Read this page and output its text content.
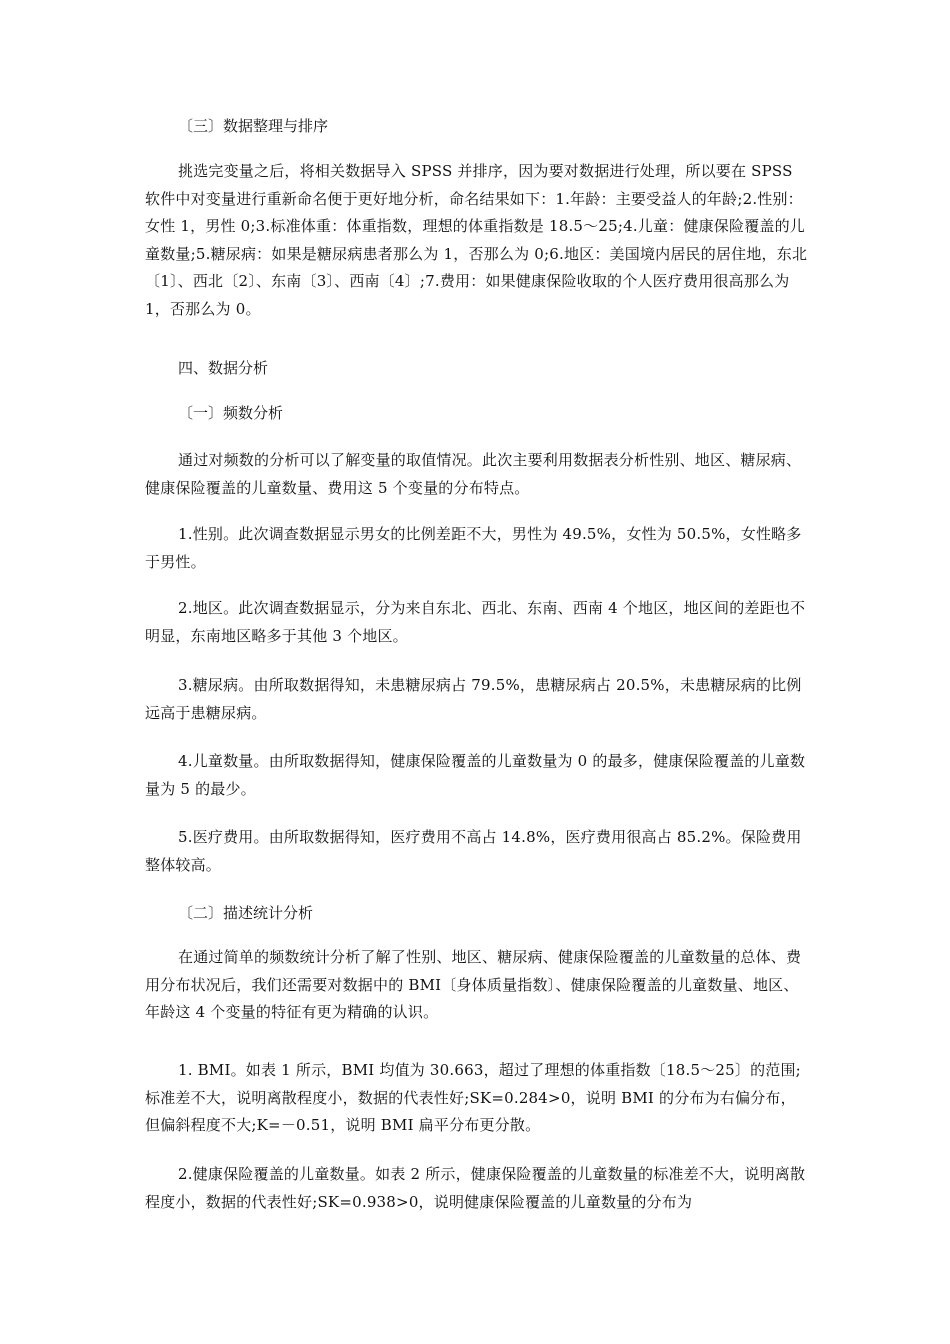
〔三〕数据整理与排序

挑选完变量之后，将相关数据导入 SPSS 并排序，因为要对数据进行处理，所以要在 SPSS 软件中对变量进行重新命名便于更好地分析，命名结果如下：1.年龄：主要受益人的年龄;2.性别：女性 1，男性 0;3.标准体重：体重指数，理想的体重指数是 18.5～25;4.儿童：健康保险覆盖的儿童数量;5.糖尿病：如果是糖尿病患者那么为 1，否那么为 0;6.地区：美国境内居民的居住地，东北〔1〕、西北〔2〕、东南〔3〕、西南〔4〕;7.费用：如果健康保险收取的个人医疗费用很高那么为 1，否那么为 0。

四、数据分析
〔一〕频数分析

通过对频数的分析可以了解变量的取值情况。此次主要利用数据表分析性别、地区、糖尿病、健康保险覆盖的儿童数量、费用这 5 个变量的分布特点。

1.性别。此次调查数据显示男女的比例差距不大，男性为 49.5%，女性为 50.5%，女性略多于男性。

2.地区。此次调查数据显示，分为来自东北、西北、东南、西南 4 个地区，地区间的差距也不明显，东南地区略多于其他 3 个地区。

3.糖尿病。由所取数据得知，未患糖尿病占 79.5%，患糖尿病占 20.5%，未患糖尿病的比例远高于患糖尿病。

4.儿童数量。由所取数据得知，健康保险覆盖的儿童数量为 0 的最多，健康保险覆盖的儿童数量为 5 的最少。

5.医疗费用。由所取数据得知，医疗费用不高占 14.8%，医疗费用很高占 85.2%。保险费用整体较高。

〔二〕描述统计分析

在通过简单的频数统计分析了解了性别、地区、糖尿病、健康保险覆盖的儿童数量的总体、费用分布状况后，我们还需要对数据中的 BMI〔身体质量指数〕、健康保险覆盖的儿童数量、地区、年龄这 4 个变量的特征有更为精确的认识。

1. BMI。如表 1 所示，BMI 均值为 30.663，超过了理想的体重指数〔18.5～25〕的范围;标准差不大，说明离散程度小，数据的代表性好;SK=0.284>0，说明 BMI 的分布为右偏分布，但偏斜程度不大;K=－0.51，说明 BMI 扁平分布更分散。

2.健康保险覆盖的儿童数量。如表 2 所示，健康保险覆盖的儿童数量的标准差不大，说明离散程度小，数据的代表性好;SK=0.938>0，说明健康保险覆盖的儿童数量的分布为
